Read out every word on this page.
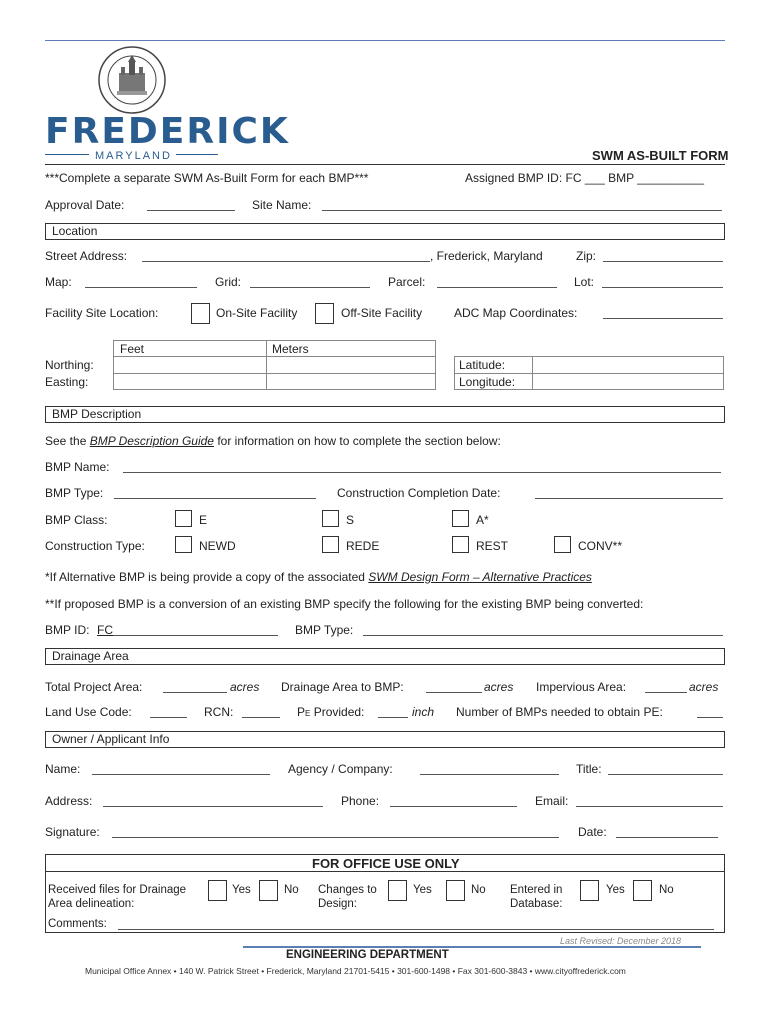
FREDERICK
MARYLAND	SWM AS-BUILT FORM
***Complete a separate SWM As-Built Form for each BMP***	Assigned BMP ID: FC ___ BMP __________
Approval Date:	Site Name:
Location
Street Address:	, Frederick, Maryland	Zip:
Map:	Grid:	Parcel:	Lot:
Facility Site Location:	On-Site Facility	Off-Site Facility	ADC Map Coordinates:
Feet	Meters
Northing:
Easting:
Latitude:
Longitude:
BMP Description
See the BMP Description Guide for information on how to complete the section below:
BMP Name:
BMP Type:	Construction Completion Date:
BMP Class:	E	S	A*
Construction Type:	NEWD	REDE	REST	CONV**
*If Alternative BMP is being provide a copy of the associated SWM Design Form – Alternative Practices
**If proposed BMP is a conversion of an existing BMP specify the following for the existing BMP being converted:
BMP ID: FC	BMP Type:
Drainage Area
Total Project Area:	acres Drainage Area to BMP:	acres Impervious Area:	acres
Land Use Code:	RCN:	PE Provided:	inch Number of BMPs needed to obtain PE:
Owner / Applicant Info
Name:	Agency / Company:	Title:
Address:	Phone:	Email:
Signature:	Date:
FOR OFFICE USE ONLY
Received files for Drainage
Area delineation:
Yes	No Changes to
Design:
Yes	No Entered in
Database:
Yes	No
Comments:
Last Revised: December 2018
ENGINEERING DEPARTMENT
Municipal Office Annex • 140 W. Patrick Street • Frederick, Maryland 21701-5415 • 301-600-1498 • Fax 301-600-3843 • www.cityoffrederick.com
